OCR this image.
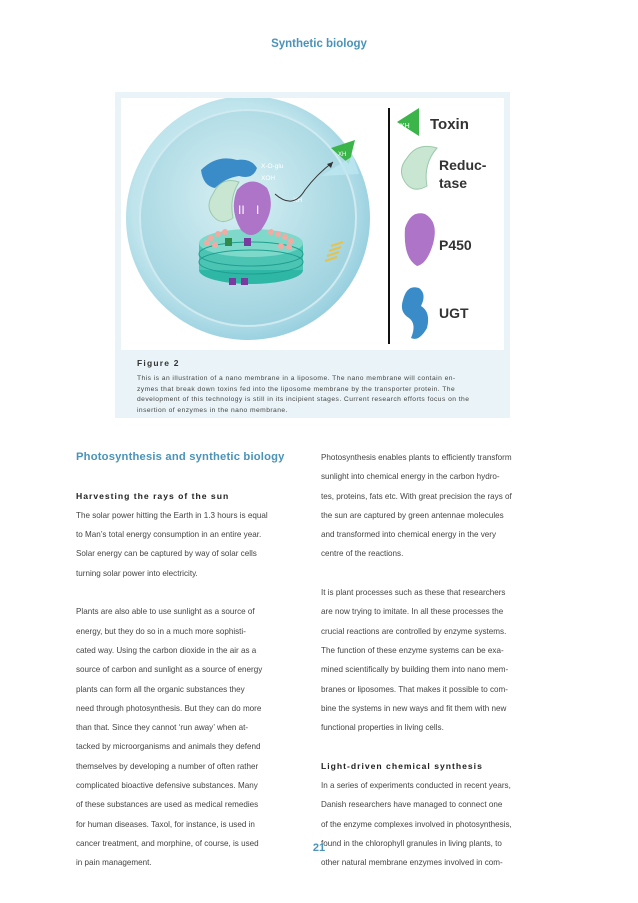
Synthetic biology
II I
X-O-glu
XOH
XH
XH
XH Toxin
Reduc-
tase
P450
UGT
Figure 2
This is an illustration of a nano membrane in a liposome. The nano membrane will contain en-
zymes that break down toxins fed into the liposome membrane by the transporter protein. The
development of this technology is still in its incipient stages. Current research efforts focus on the
insertion of enzymes in the nano membrane.
Photosynthesis and synthetic biology
Harvesting the rays of the sun

The solar power hitting the Earth in 1.3 hours is equal

to Man’s total energy consumption in an entire year.

Solar energy can be captured by way of solar cells

turning solar power into electricity.

Plants are also able to use sunlight as a source of

energy, but they do so in a much more sophisti-

cated way. Using the carbon dioxide in the air as a

source of carbon and sunlight as a source of energy

plants can form all the organic substances they

need through photosynthesis. But they can do more

than that. Since they cannot ‘run away’ when at-

tacked by microorganisms and animals they defend

themselves by developing a number of often rather

complicated bioactive defensive substances. Many

of these substances are used as medical remedies

for human diseases. Taxol, for instance, is used in

cancer treatment, and morphine, of course, is used

in pain management.

Photosynthesis enables plants to efficiently transform

sunlight into chemical energy in the carbon hydro-

tes, proteins, fats etc. With great precision the rays of

the sun are captured by green antennae molecules

and transformed into chemical energy in the very

centre of the reactions.

It is plant processes such as these that researchers

are now trying to imitate. In all these processes the

crucial reactions are controlled by enzyme systems.

The function of these enzyme systems can be exa-

mined scientifically by building them into nano mem-

branes or liposomes. That makes it possible to com-

bine the systems in new ways and fit them with new

functional properties in living cells.

Light-driven chemical synthesis

In a series of experiments conducted in recent years,

Danish researchers have managed to connect one

of the enzyme complexes involved in photosynthesis,

found in the chlorophyll granules in living plants, to

other natural membrane enzymes involved in com-

21
